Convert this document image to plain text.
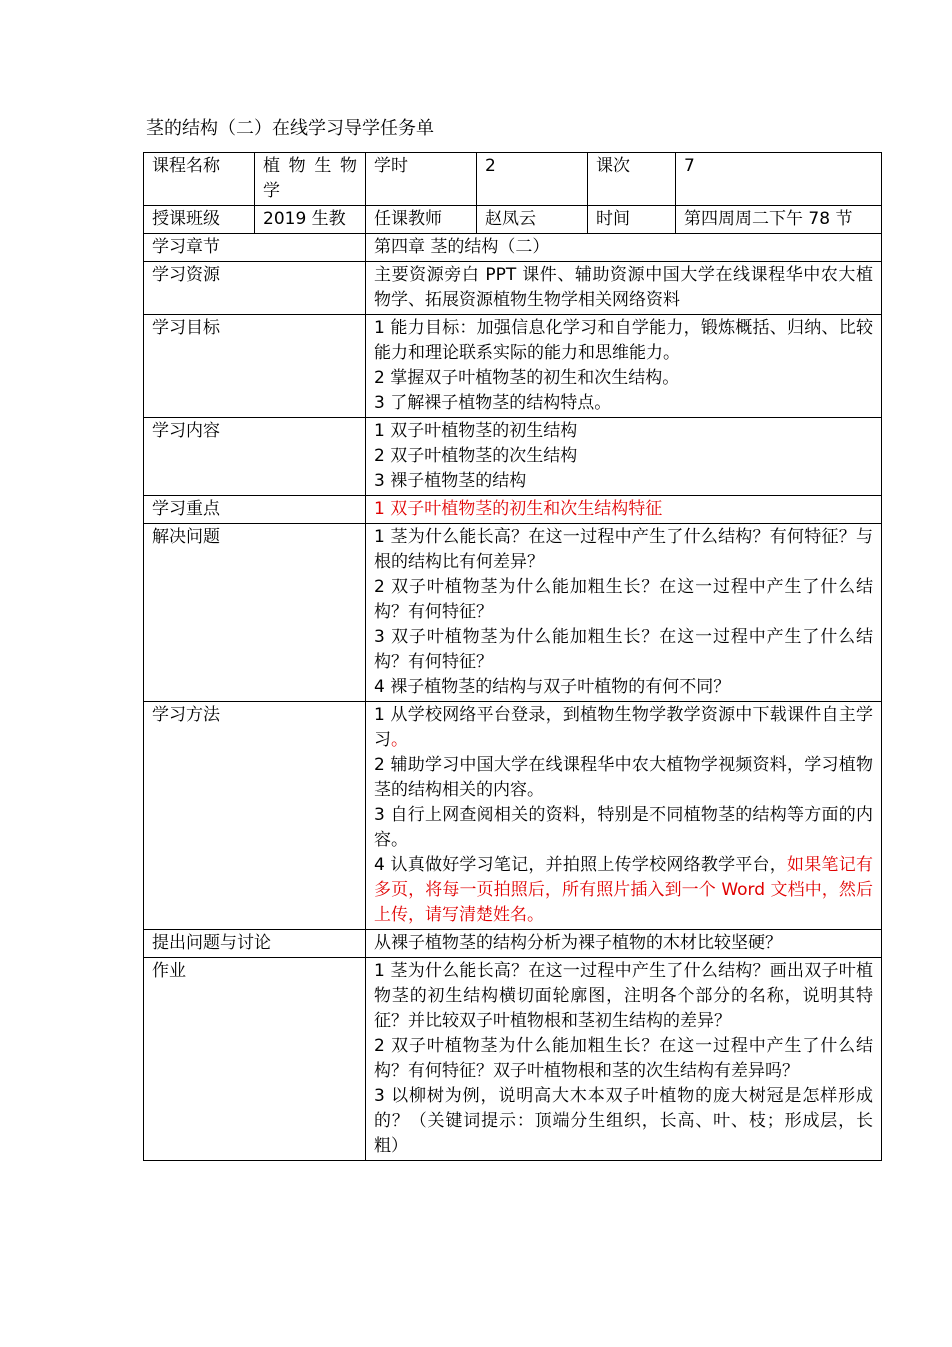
茎的结构（二）在线学习导学任务单
课程名称	植 物 生 物 学	学时	2	课次	7
授课班级	2019 生教	任课教师	赵凤云	时间	第四周周二下午 78 节
学习章节		第四章 茎的结构（二）			
学习资源		主要资源旁白 PPT 课件、辅助资源中国大学在线课程华中农大植物学、拓展资源植物生物学相关网络资料			
学习目标		1 能力目标：加强信息化学习和自学能力，锻炼概括、归纳、比较能力和理论联系实际的能力和思维能力。
2 掌握双子叶植物茎的初生和次生结构。
3 了解裸子植物茎的结构特点。			

学习内容		1 双子叶植物茎的初生结构
2 双子叶植物茎的次生结构
3 裸子植物茎的结构			

学习重点		1 双子叶植物茎的初生和次生结构特征			
解决问题		1 茎为什么能长高？在这一过程中产生了什么结构？有何特征？与根的结构比有何差异？
2 双子叶植物茎为什么能加粗生长？在这一过程中产生了什么结构？有何特征？
3 双子叶植物茎为什么能加粗生长？在这一过程中产生了什么结构？有何特征？
4 裸子植物茎的结构与双子叶植物的有何不同？			

学习方法		1 从学校网络平台登录，到植物生物学教学资源中下载课件自主学习。
2 辅助学习中国大学在线课程华中农大植物学视频资料，学习植物茎的结构相关的内容。
3 自行上网查阅相关的资料，特别是不同植物茎的结构等方面的内容。
4 认真做好学习笔记，并拍照上传学校网络教学平台，如果笔记有多页，将每一页拍照后，所有照片插入到一个 Word 文档中，然后上传，请写清楚姓名。			

提出问题与讨论		从裸子植物茎的结构分析为裸子植物的木材比较坚硬？			
作业		1 茎为什么能长高？在这一过程中产生了什么结构？画出双子叶植物茎的初生结构横切面轮廓图，注明各个部分的名称，说明其特征？并比较双子叶植物根和茎初生结构的差异？
2 双子叶植物茎为什么能加粗生长？在这一过程中产生了什么结构？有何特征？双子叶植物根和茎的次生结构有差异吗？
3 以柳树为例，说明高大木本双子叶植物的庞大树冠是怎样形成的？（关键词提示：顶端分生组织，长高、叶、枝；形成层，长粗）			
